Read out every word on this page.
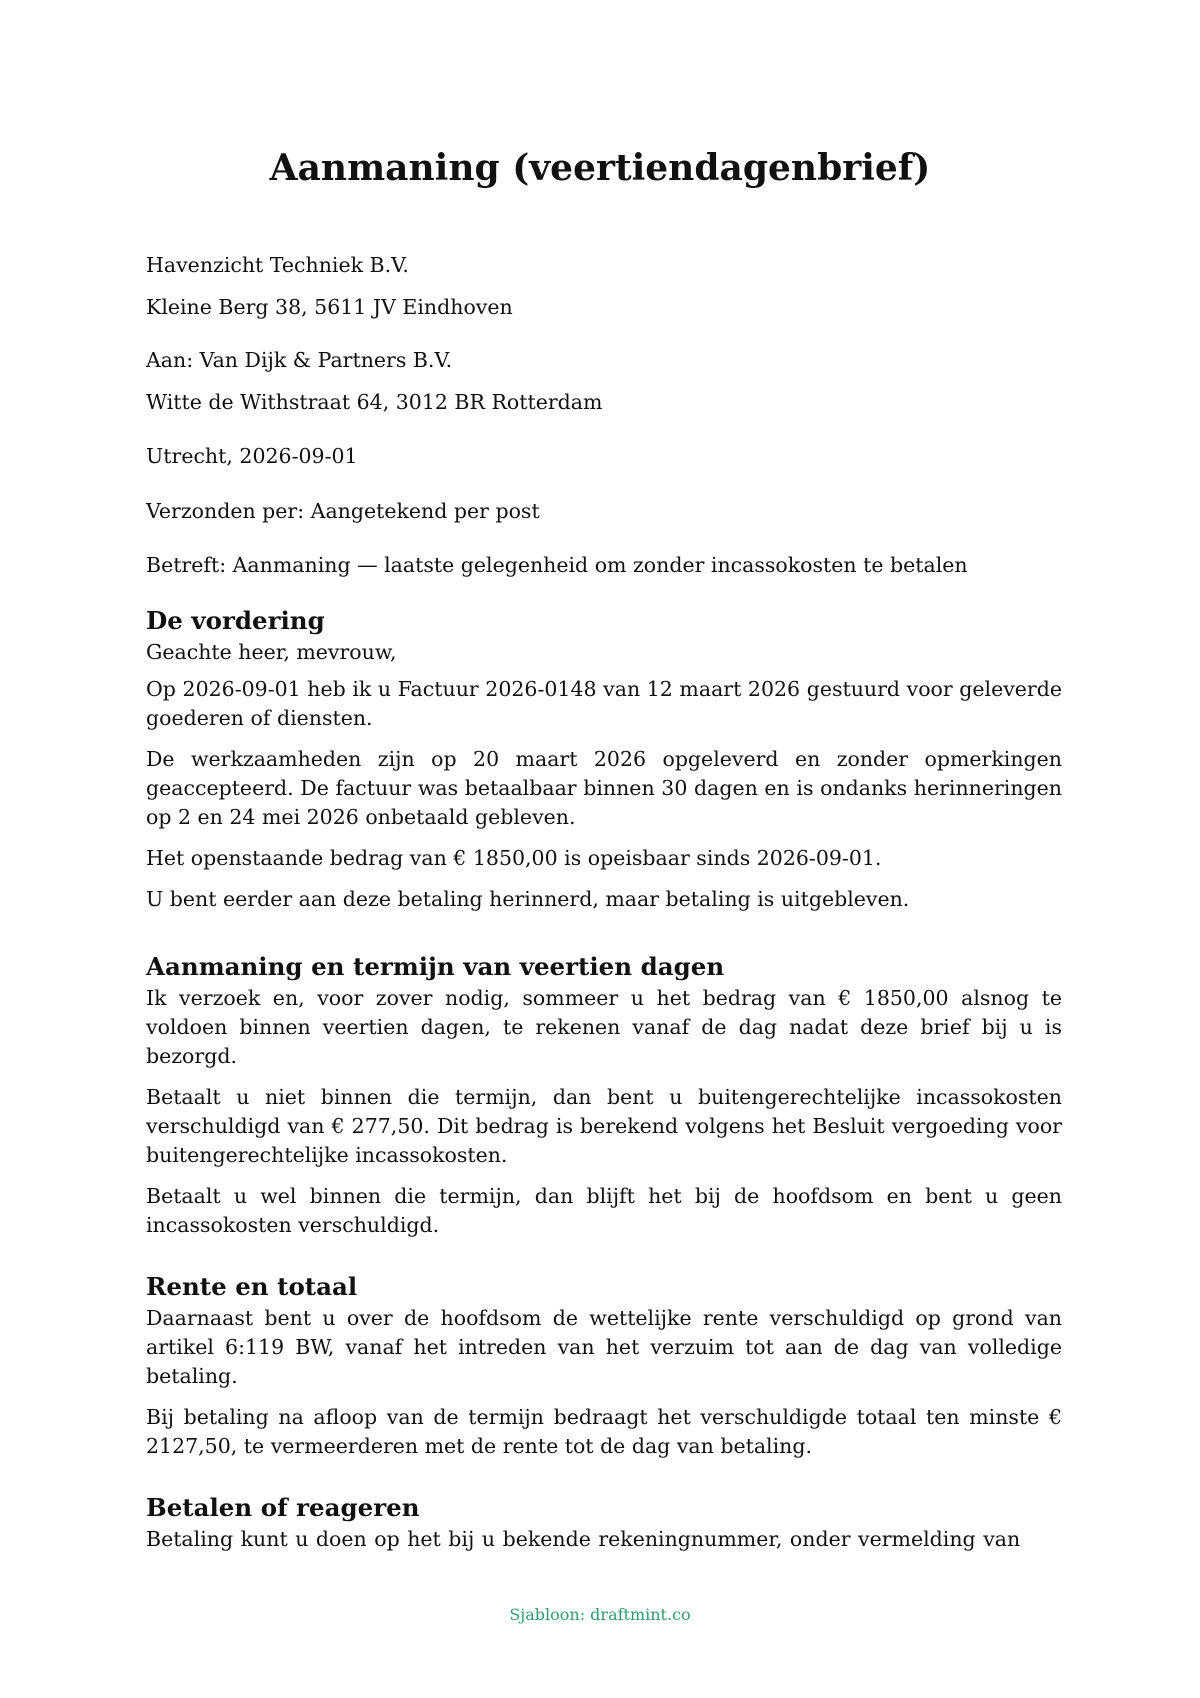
Aanmaning (veertiendagenbrief)

Havenzicht Techniek B.V.

Kleine Berg 38, 5611 JV Eindhoven

Aan: Van Dijk & Partners B.V.

Witte de Withstraat 64, 3012 BR Rotterdam

Utrecht, 2026-09-01

Verzonden per: Aangetekend per post

Betreft: Aanmaning — laatste gelegenheid om zonder incassokosten te betalen

De vordering

Geachte heer, mevrouw,

Op 2026-09-01 heb ik u Factuur 2026-0148 van 12 maart 2026 gestuurd voor geleverde goederen of diensten.

De werkzaamheden zijn op 20 maart 2026 opgeleverd en zonder opmerkingen geaccepteerd. De factuur was betaalbaar binnen 30 dagen en is ondanks herinneringen op 2 en 24 mei 2026 onbetaald gebleven.

Het openstaande bedrag van € 1850,00 is opeisbaar sinds 2026-09-01.

U bent eerder aan deze betaling herinnerd, maar betaling is uitgebleven.

Aanmaning en termijn van veertien dagen

Ik verzoek en, voor zover nodig, sommeer u het bedrag van € 1850,00 alsnog te voldoen binnen veertien dagen, te rekenen vanaf de dag nadat deze brief bij u is bezorgd.

Betaalt u niet binnen die termijn, dan bent u buitengerechtelijke incassokosten verschuldigd van € 277,50. Dit bedrag is berekend volgens het Besluit vergoeding voor buitengerechtelijke incassokosten.

Betaalt u wel binnen die termijn, dan blijft het bij de hoofdsom en bent u geen incassokosten verschuldigd.

Rente en totaal

Daarnaast bent u over de hoofdsom de wettelijke rente verschuldigd op grond van artikel 6:119 BW, vanaf het intreden van het verzuim tot aan de dag van volledige betaling.

Bij betaling na afloop van de termijn bedraagt het verschuldigde totaal ten minste € 2127,50, te vermeerderen met de rente tot de dag van betaling.

Betalen of reageren

Betaling kunt u doen op het bij u bekende rekeningnummer, onder vermelding van

Sjabloon: draftmint.co
